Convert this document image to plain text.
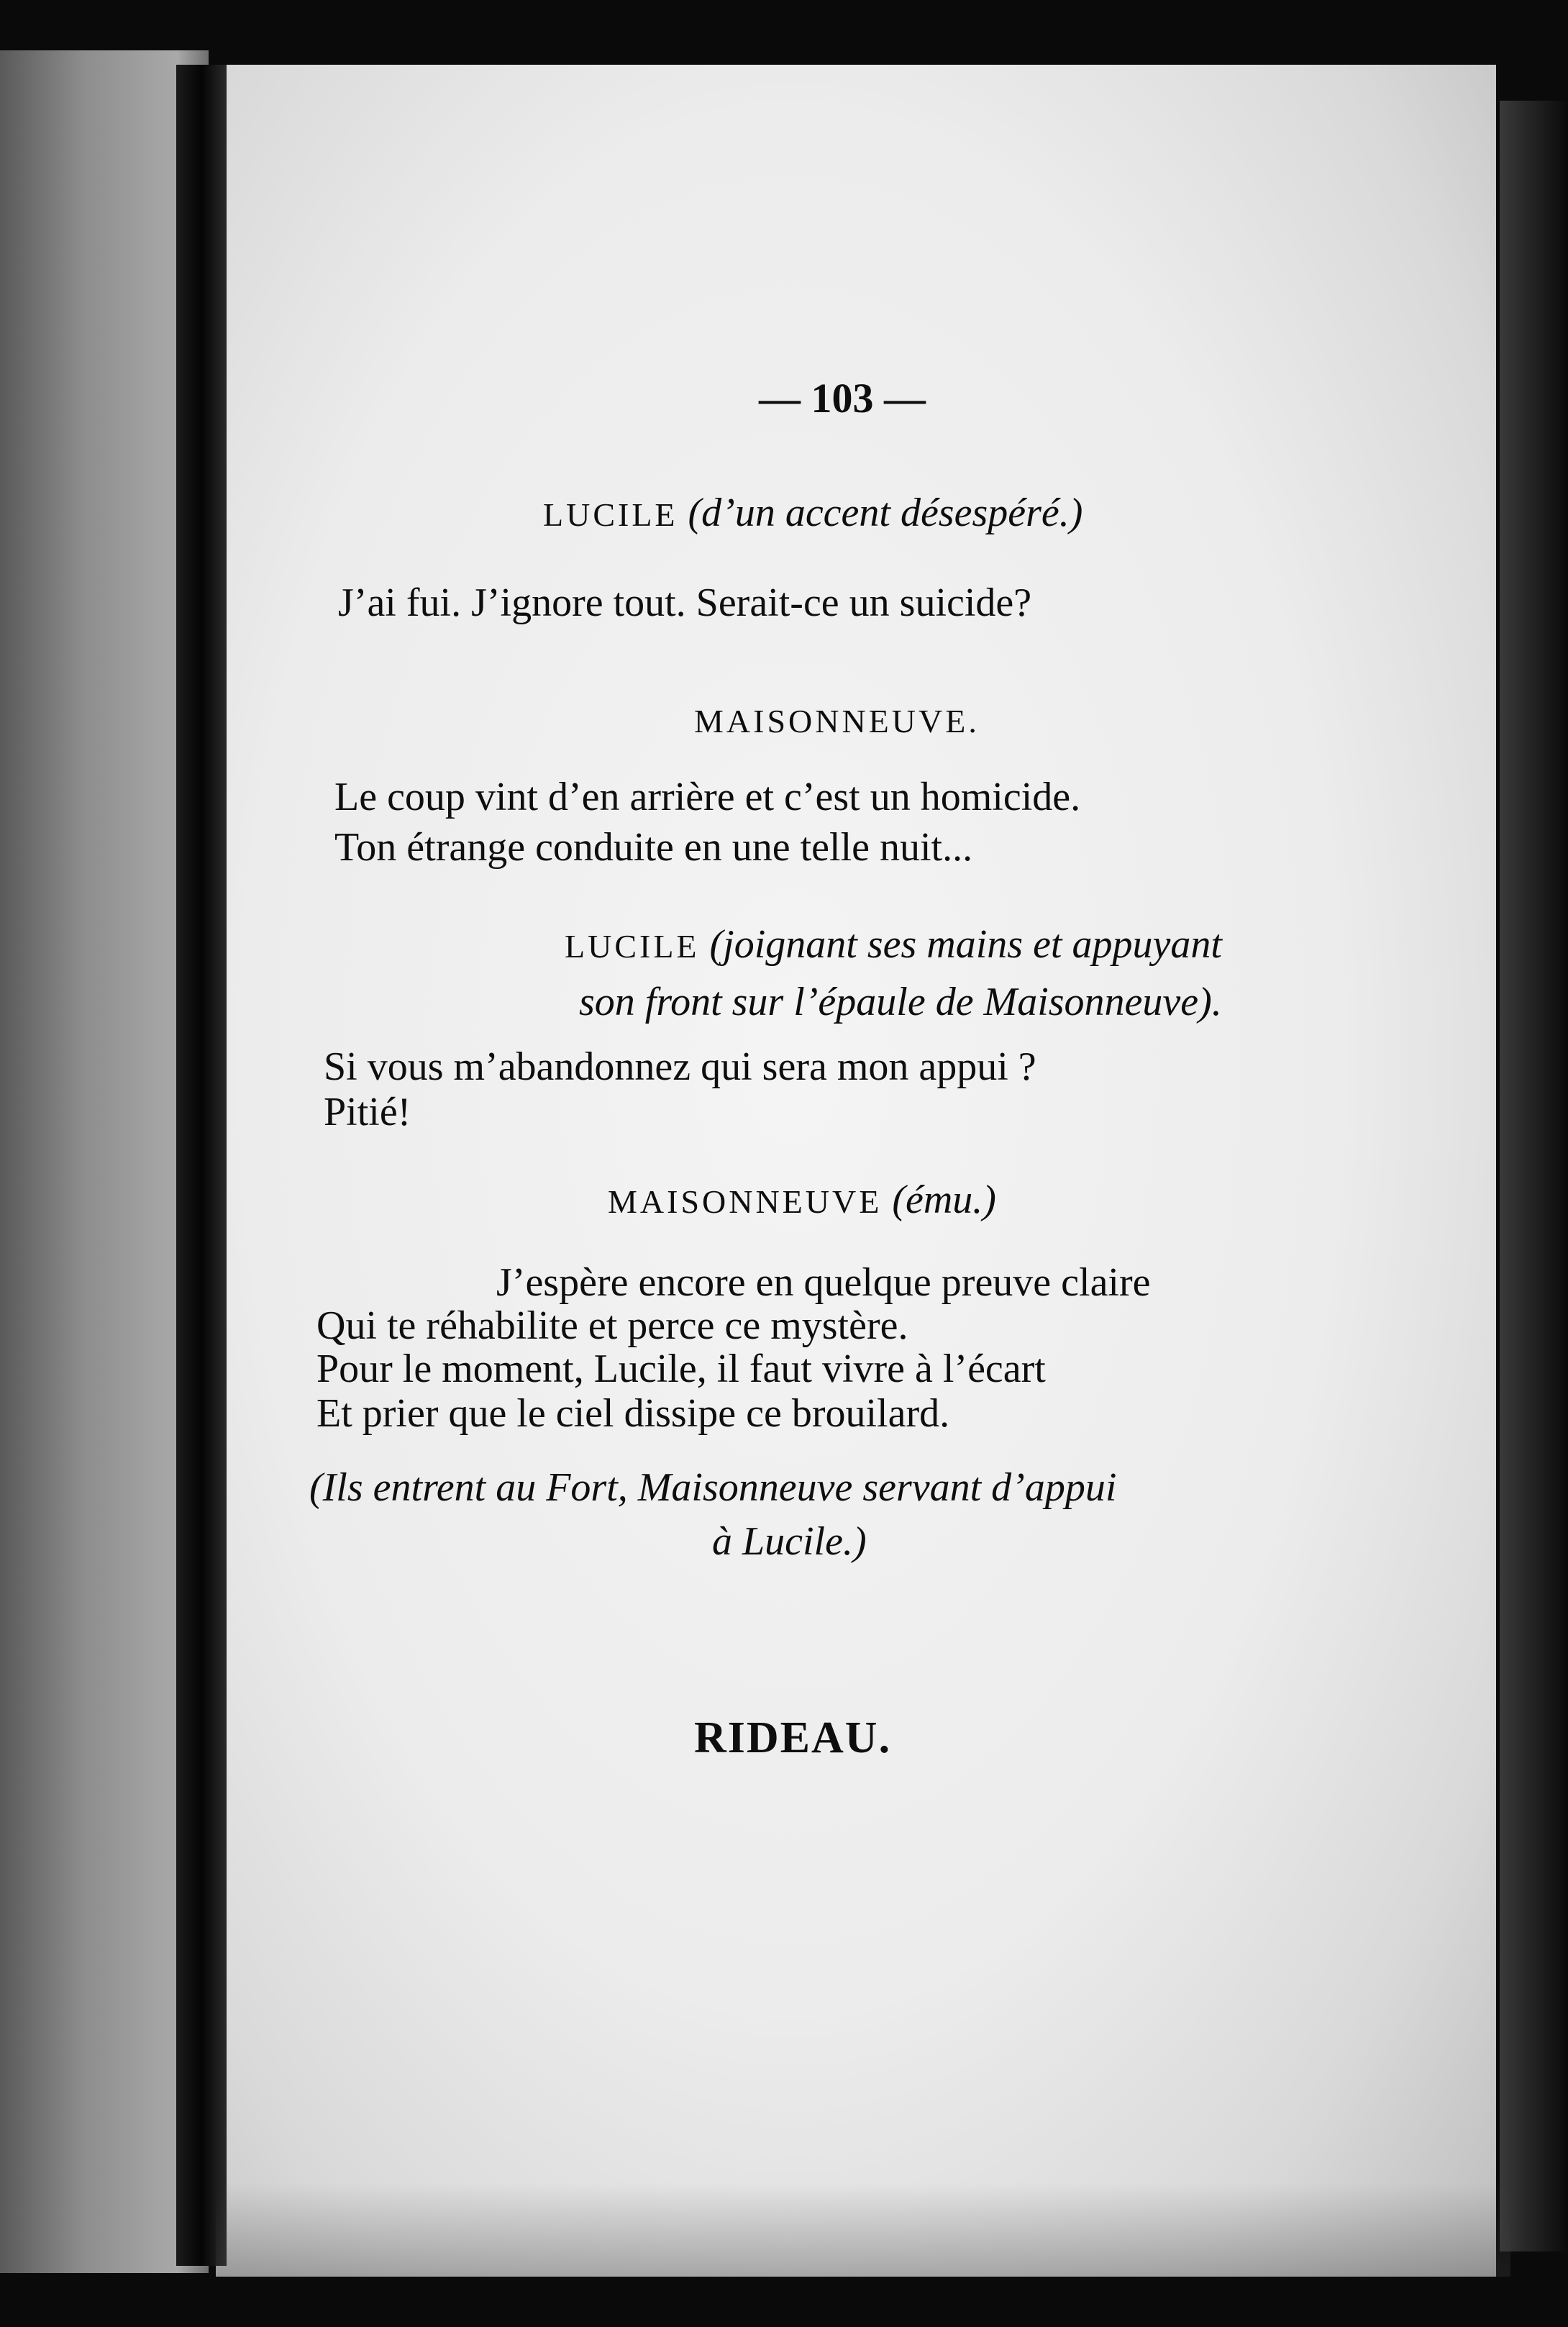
— 103 —
LUCILE (d’un accent désespéré.)
J’ai fui. J’ignore tout. Serait-ce un suicide?
MAISONNEUVE.
Le coup vint d’en arrière et c’est un homicide.
Ton étrange conduite en une telle nuit...
LUCILE (joignant ses mains et appuyant
son front sur l’épaule de Maisonneuve).
Si vous m’abandonnez qui sera mon appui ?
Pitié!
MAISONNEUVE (ému.)
J’espère encore en quelque preuve claire
Qui te réhabilite et perce ce mystère.
Pour le moment, Lucile, il faut vivre à l’écart
Et prier que le ciel dissipe ce brouilard.
(Ils entrent au Fort, Maisonneuve servant d’appui
à Lucile.)
RIDEAU.
